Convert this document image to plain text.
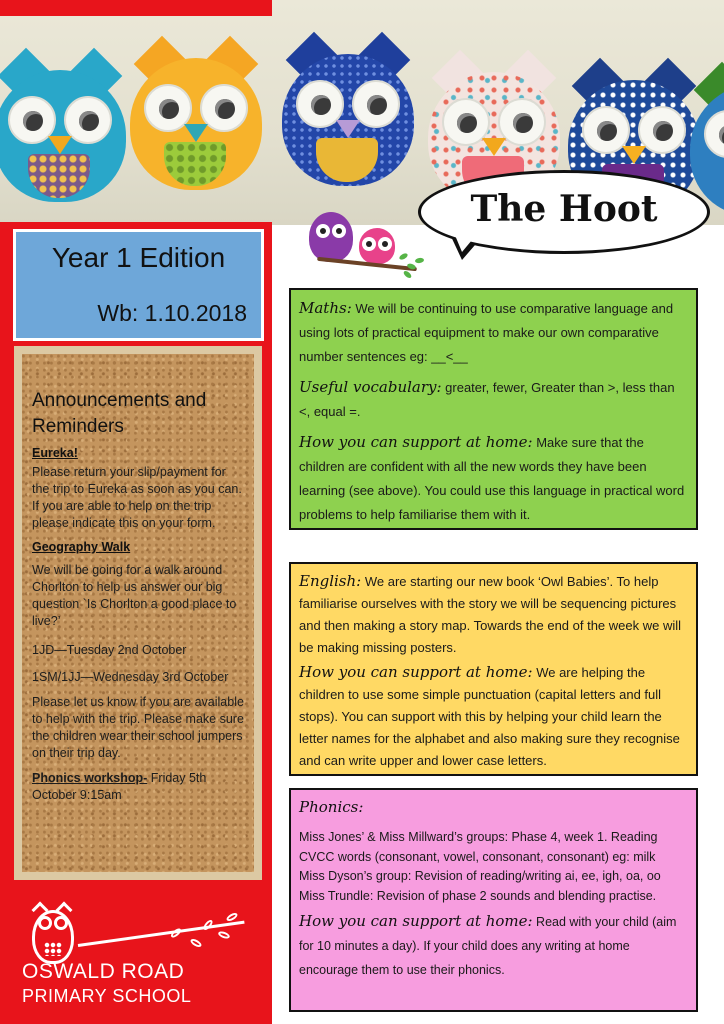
The Hoot
Year 1 Edition
Wb: 1.10.2018
Announcements and Reminders
Eureka!
Please return your slip/payment for the trip to Eureka as soon as you can. If you are able to help on the trip please indicate this on your form.
Geography Walk
We will be going for a walk around Chorlton to help us answer our big question `Is Chorlton a good place to live?’
1JD—Tuesday 2nd October
1SM/1JJ—Wednesday 3rd October
Please let us know if you are available to help with the trip. Please make sure the children wear their school jumpers on their trip day.
Phonics workshop- Friday 5th October 9:15am
OSWALD ROAD
PRIMARY SCHOOL
Maths: We will be continuing to use comparative language and using lots of practical equipment to make our own comparative number sentences eg: __<__
Useful vocabulary: greater, fewer, Greater than >, less than <, equal =.
How you can support at home: Make sure that the children are confident with all the new words they have been learning (see above). You could use this language in practical word problems to help familiarise them with it.
English: We are starting our new book ‘Owl Babies’. To help familiarise ourselves with the story we will be sequencing pictures and then making a story map. Towards the end of the week we will be making missing posters.
How you can support at home: We are helping the children to use some simple punctuation (capital letters and full stops). You can support with this by helping your child learn the letter names for the alphabet and also making sure they recognise and can write upper and lower case letters.
Phonics:
Miss Jones’ & Miss Millward’s groups: Phase 4, week 1. Reading CVCC words (consonant, vowel, consonant, consonant) eg: milk
Miss Dyson’s group: Revision of reading/writing ai, ee, igh, oa, oo
Miss Trundle: Revision of phase 2 sounds and blending practise.
How you can support at home: Read with your child (aim for 10 minutes a day). If your child does any writing at home encourage them to use their phonics.
